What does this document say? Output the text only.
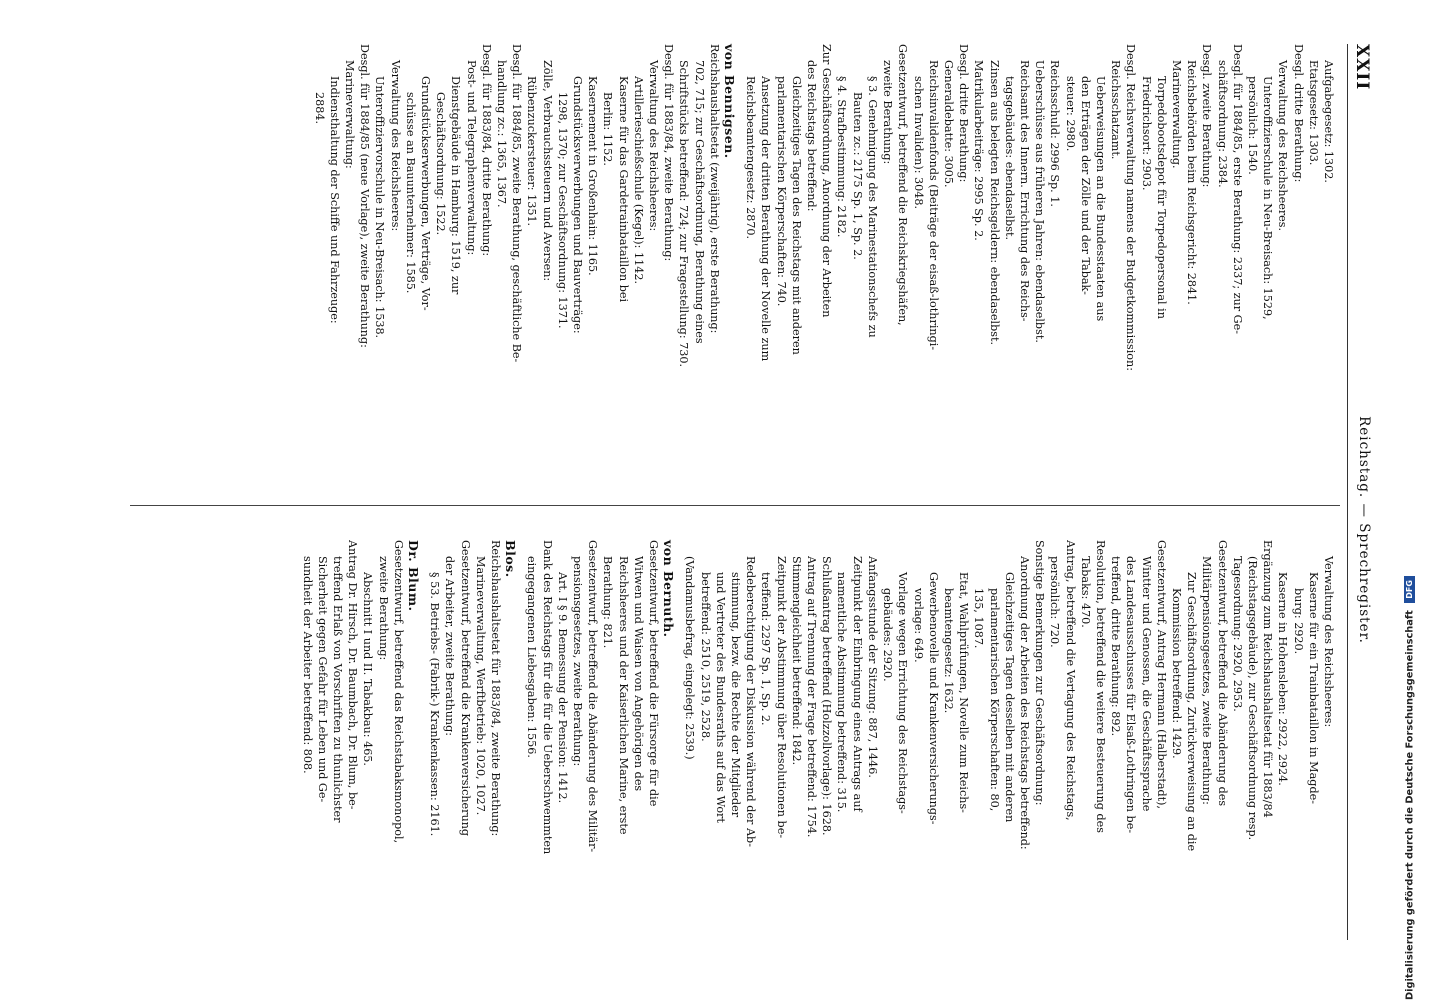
XXII
Reichstag. — Sprechregister.

Aufgabegesetz: 1302.

Etatsgesetz: 1303.

Desgl. dritte Berathung:

Verwaltung des Reichsheeres.

Unteroffizierschule in Neu-Breisach: 1529,

persönlich: 1540.

Desgl. für 1884/85, erste Berathung: 2337; zur Ge-

schäftsordnung: 2384.

Desgl. zweite Berathung:

Reichsbehörden beim Reichsgericht: 2841.

Marineverwaltung.

Torpedobootsdepot für Torpedopersonal in

Friedrichsort: 2903.

Desgl. Reichsverwaltung namens der Budgetkommission:

Reichsschatzamt.

Ueberweisungen an die Bundesstaaten aus

den Erträgen der Zölle und der Tabak-

steuer: 2980.

Reichsschuld: 2996 Sp. 1.

Ueberschüsse aus früheren Jahren: ebendaselbst.

Reichsamt des Innern. Errichtung des Reichs-

tagsgebäudes: ebendaselbst.

Zinsen aus belegten Reichsgeldern: ebendaselbst.

Matrikularbeiträge: 2995 Sp. 2.

Desgl. dritte Berathung:

Generaldebatte: 3005.

Reichsinvalidenfonds (Beiträge der eisaß-lothringi-

schen Invaliden): 3048.

Gesetzentwurf, betreffend die Reichskriegshäfen,

zweite Berathung:

§ 3. Genehmigung des Marinestationschefs zu

Bauten zc.: 2175 Sp. 1, Sp. 2.

§ 4. Strafbestimmung: 2182.

Zur Geschäftsordnung, Anordnung der Arbeiten

des Reichstags betreffend:

Gleichzeitiges Tagen des Reichstags mit anderen

parlamentarischen Körperschaften: 740.

Ansetzung der dritten Berathung der Novelle zum

Reichsbeamtengesetz: 2870.

von Bennigsen.

Reichshaushaltsetat (zweijährig), erste Berathung:

702, 715; zur Geschäftsordnung, Berathung eines

Schriftstücks betreffend: 724; zur Fragestellung: 730.

Desgl. für 1883/84, zweite Berathung:

Verwaltung des Reichsheeres:

Artillerieschießschule (Kegel): 1142.

Kaserne für das Gardetrainbataillon bei

Berlin: 1152.

Kasernement in Großenhain: 1165.

Grundstücksverwerbungen und Bauverträge:

1298, 1370; zur Geschäftsordnung: 1371.

Zölle, Verbrauchssteuern und Aversen:

Rübenzuckersteuer: 1351.

Desgl. für 1884/85, zweite Berathung, geschäftliche Be-

handlung zc.: 1365, 1367.

Desgl. für 1883/84, dritte Berathung:

Post- und Telegraphenverwaltung:

Dienstgebäude in Hamburg: 1519, zur

Geschäftsordnung: 1522.

Grundstückserwerbungen, Verträge, Vor-

schüsse an Bauunternehmer: 1585.

Verwaltung des Reichsheeres:

Unteroffiziervorschule in Neu-Breisach: 1538.

Desgl. für 1884/85 (neue Vorlage), zweite Berathung:

Marineverwaltung:

Indiensthaltung der Schiffe und Fahrzeuge:

2884.

Verwaltung des Reichsheeres:

Kaserne für ein Trainbataillon in Magde-

burg: 2920.

Kaserne in Hohensleben: 2922, 2924.

Ergänzung zum Reichshaushaltsetat für 1883/84

(Reichstagsgebäude), zur Geschäftsordnung resp.

Tagesordnung: 2920, 2953.

Gesetzentwurf, betreffend die Abänderung des

Militärpensionsgesetzes, zweite Berathung:

Zur Geschäftsordnung, Zurückverweisung an die

Kommission betreffend: 1429.

Gesetzentwurf, Antrag Hermann (Halberstadt),

Wintter und Genossen, die Geschäftssprache

des Landesausschusses für Elsaß-Lothringen be-

treffend, dritte Berathung: 892.

Resolution, betreffend die weitere Besteuerung des

Tabaks: 470.

Antrag, betreffend die Vertagung des Reichstags,

persönlich: 720.

Sonstige Bemerkungen zur Geschäftsordnung:

Anordnung der Arbeiten des Reichstags betreffend:

Gleichzeitiges Tagen desselben mit anderen

parlamentarischen Körperschaften: 80,

135, 1087.

Etat, Wahlprüfungen, Novelle zum Reichs-

beamtengesetz: 1632.

Gewerbenovelle und Krankenversicherungs-

vorlage: 649.

Vorlage wegen Errichtung des Reichstags-

gebäudes: 2920.

Anfangsstunde der Sitzung: 887, 1446.

Zeitpunkt der Einbringung eines Antrags auf

namentliche Abstimmung betreffend: 315.

Schlußantrag betreffend (Holzzollvorlage): 1628.

Antrag auf Trennung der Frage betreffend: 1754.

Stimmengleichheit betreffend: 1842.

Zeitpunkt der Abstimmung über Resolutionen be-

treffend: 2297 Sp. 1, Sp. 2.

Redeberechtigung der Diskussion während der Ab-

stimmung, bezw. die Rechte der Mitglieder

und Vertreter des Bundesraths auf das Wort

betreffend: 2510, 2519, 2528.

(Vandamusbefrag, eingelegt: 2539.)

von Bernuth.

Gesetzentwurf, betreffend die Fürsorge für die

Witwen und Waisen von Angehörigen des

Reichsheeres und der Kaiserlichen Marine, erste

Berathung: 821.

Gesetzentwurf, betreffend die Abänderung des Militär-

pensionsgesetzes, zweite Berathung:

Art. I § 9. Bemessung der Pension: 1412.

Dank des Reichstags für die für die Ueberschwemmten

eingegangenen Liebesgaben: 1556.

Blos.

Reichshaushaltsetat für 1883/84, zweite Berathung:

Marineverwaltung, Werftbetrieb: 1020, 1027.

Gesetzentwurf, betreffend die Krankenversicherung

der Arbeiter, zweite Berathung:

§ 53. Betriebs- (Fabrik-) Krankenkassen: 2161.

Dr. Blum.

Gesetzentwurf, betreffend das Reichstabaksmonopol,

zweite Berathung:

Abschnitt I und II. Tabakbau: 465.

Antrag Dr. Hirsch, Dr. Baumbach, Dr. Blum, be-

treffend Erlaß von Vorschriften zu thunlichster

Sicherheit gegen Gefahr für Leben und Ge-

sundheit der Arbeiter betreffend: 808.	Digitalisierung gefördert durch die Deutsche Forschungsgemeinschaft DFG
